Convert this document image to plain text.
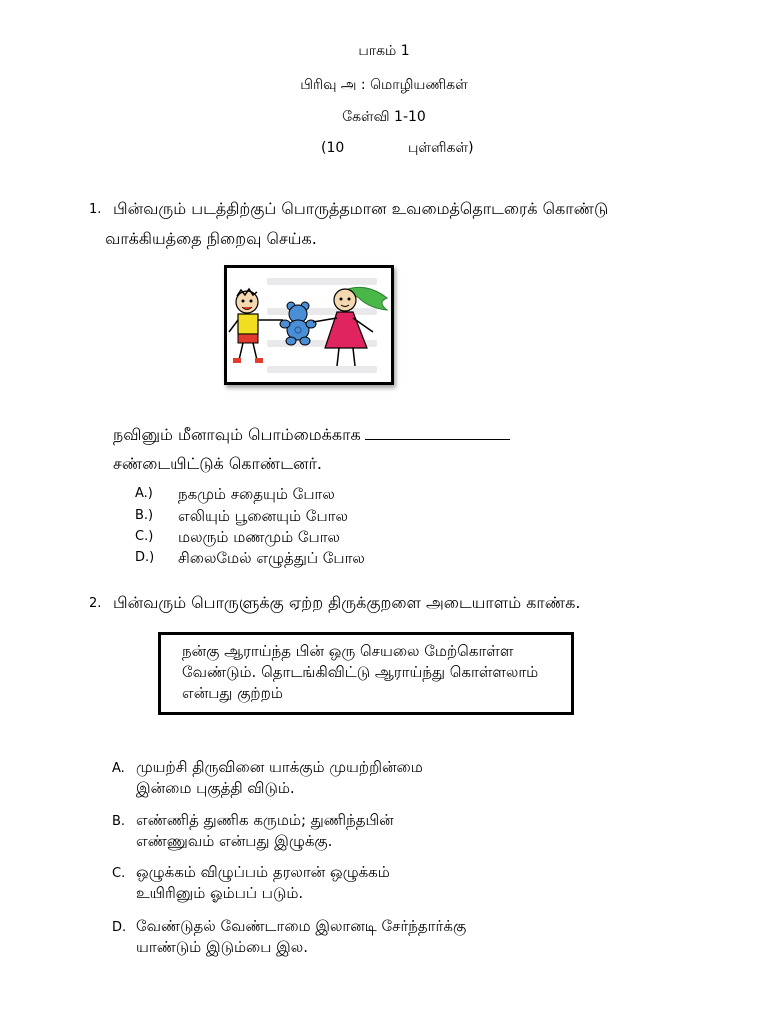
பாகம் 1
பிரிவு அ : மொழியணிகள்
கேள்வி 1-10
(10	புள்ளிகள்)
1. பின்வரும் படத்திற்குப் பொருத்தமான உவமைத்தொடரைக் கொண்டு
வாக்கியத்தை நிறைவு செய்க.
நவினும் மீனாவும் பொம்மைக்காக
சண்டையிட்டுக் கொண்டனர்.
A.) நகமும் சதையும் போல
B.) எலியும் பூனையும் போல
C.) மலரும் மணமும் போல
D.) சிலைமேல் எழுத்துப் போல
2. பின்வரும் பொருளுக்கு ஏற்ற திருக்குறளை அடையாளம் காண்க.
நன்கு ஆராய்ந்த பின் ஒரு செயலை மேற்கொள்ள
வேண்டும். தொடங்கிவிட்டு ஆராய்ந்து கொள்ளலாம்
என்பது குற்றம்
A. முயற்சி திருவினை யாக்கும் முயற்றின்மை
இன்மை புகுத்தி விடும்.
B. எண்ணித் துணிக கருமம்; துணிந்தபின்
எண்ணுவம் என்பது இழுக்கு.
C. ஒழுக்கம் விழுப்பம் தரலான் ஒழுக்கம்
உயிரினும் ஓம்பப் படும்.
D. வேண்டுதல் வேண்டாமை இலானடி சேர்ந்தார்க்கு
யாண்டும் இடும்பை இல.
